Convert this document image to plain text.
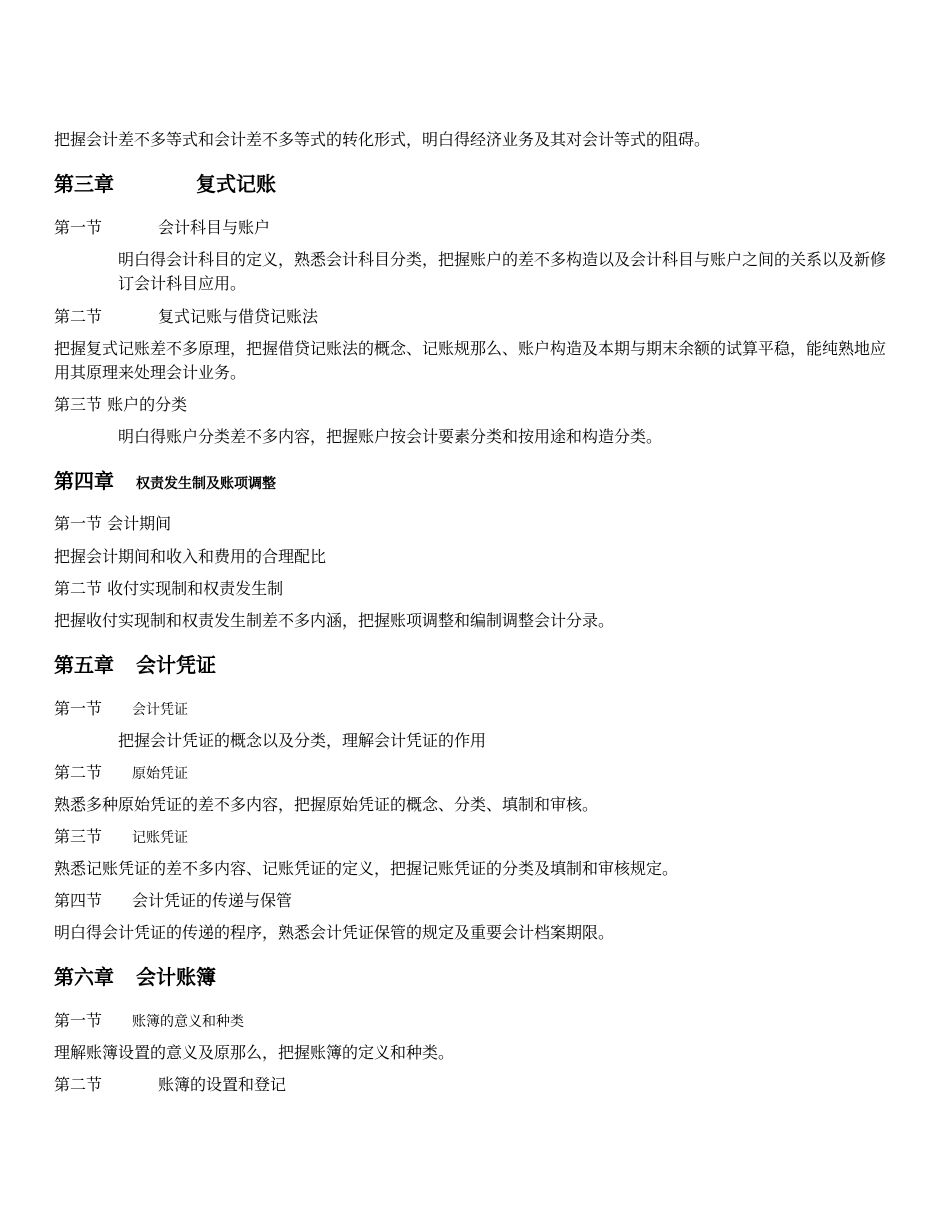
把握会计差不多等式和会计差不多等式的转化形式，明白得经济业务及其对会计等式的阻碍。
第三章	复式记账
第一节	会计科目与账户
明白得会计科目的定义，熟悉会计科目分类，把握账户的差不多构造以及会计科目与账户之间的关系以及新修订会计科目应用。
第二节	复式记账与借贷记账法
把握复式记账差不多原理，把握借贷记账法的概念、记账规那么、账户构造及本期与期末余额的试算平稳，能纯熟地应用其原理来处理会计业务。
第三节 账户的分类
明白得账户分类差不多内容，把握账户按会计要素分类和按用途和构造分类。
第四章 权责发生制及账项调整
第一节 会计期间
把握会计期间和收入和费用的合理配比
第二节 收付实现制和权责发生制
把握收付实现制和权责发生制差不多内涵，把握账项调整和编制调整会计分录。
第五章 会计凭证
第一节 会计凭证
把握会计凭证的概念以及分类，理解会计凭证的作用
第二节 原始凭证
熟悉多种原始凭证的差不多内容，把握原始凭证的概念、分类、填制和审核。
第三节 记账凭证
熟悉记账凭证的差不多内容、记账凭证的定义，把握记账凭证的分类及填制和审核规定。
第四节 会计凭证的传递与保管
明白得会计凭证的传递的程序，熟悉会计凭证保管的规定及重要会计档案期限。
第六章 会计账簿
第一节 账簿的意义和种类
理解账簿设置的意义及原那么，把握账簿的定义和种类。
第二节	账簿的设置和登记
